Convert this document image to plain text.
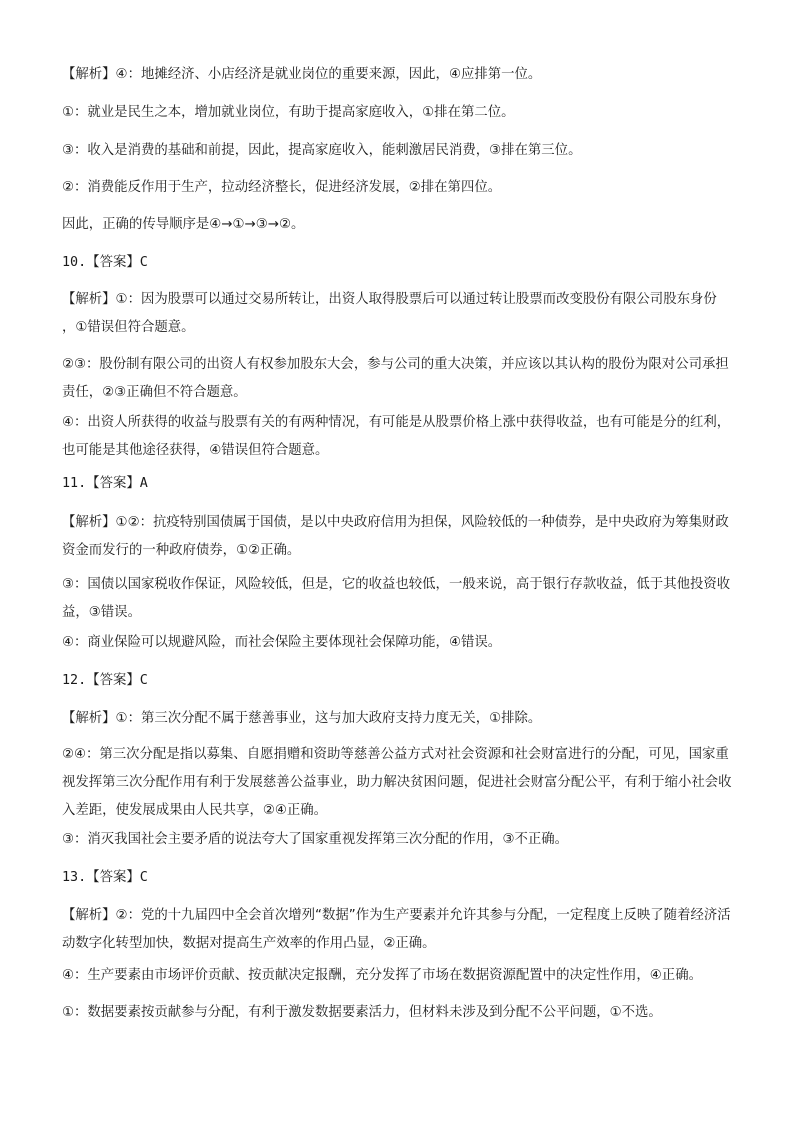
【解析】④：地摊经济、小店经济是就业岗位的重要来源，因此，④应排第一位。

①：就业是民生之本，增加就业岗位，有助于提高家庭收入，①排在第二位。

③：收入是消费的基础和前提，因此，提高家庭收入，能刺激居民消费，③排在第三位。

②：消费能反作用于生产，拉动经济整长，促进经济发展，②排在第四位。

因此，正确的传导顺序是④→①→③→②。

10.【答案】C

【解析】①：因为股票可以通过交易所转让，出资人取得股票后可以通过转让股票而改变股份有限公司股东身份 ，①错误但符合题意。

②③：股份制有限公司的出资人有权参加股东大会，参与公司的重大决策，并应该以其认构的股份为限对公司承担责任，②③正确但不符合题意。

④：出资人所获得的收益与股票有关的有两种情况，有可能是从股票价格上涨中获得收益，也有可能是分的红利，也可能是其他途径获得，④错误但符合题意。

11.【答案】A

【解析】①②：抗疫特别国债属于国债，是以中央政府信用为担保，风险较低的一种债券，是中央政府为筹集财政资金而发行的一种政府债券，①②正确。

③：国债以国家税收作保证，风险较低，但是，它的收益也较低，一般来说，高于银行存款收益，低于其他投资收益，③错误。

④：商业保险可以规避风险，而社会保险主要体现社会保障功能，④错误。

12.【答案】C

【解析】①：第三次分配不属于慈善事业，这与加大政府支持力度无关，①排除。

②④：第三次分配是指以募集、自愿捐赠和资助等慈善公益方式对社会资源和社会财富进行的分配，可见，国家重视发挥第三次分配作用有利于发展慈善公益事业，助力解决贫困问题，促进社会财富分配公平，有利于缩小社会收入差距，使发展成果由人民共享，②④正确。

③：消灭我国社会主要矛盾的说法夸大了国家重视发挥第三次分配的作用，③不正确。

13.【答案】C

【解析】②：党的十九届四中全会首次增列“数据”作为生产要素并允许其参与分配，一定程度上反映了随着经济活动数字化转型加快，数据对提高生产效率的作用凸显，②正确。

④：生产要素由市场评价贡献、按贡献决定报酬，充分发挥了市场在数据资源配置中的决定性作用，④正确。

①：数据要素按贡献参与分配，有利于激发数据要素活力，但材料未涉及到分配不公平问题，①不选。
